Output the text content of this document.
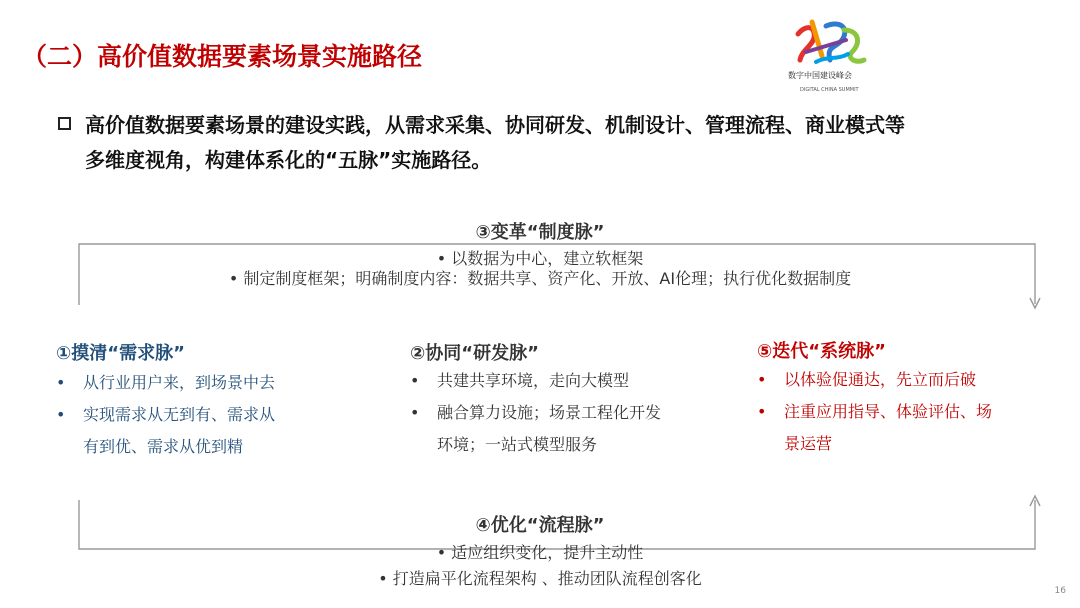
（二）高价值数据要素场景实施路径
数字中国建设峰会
DIGITAL CHINA SUMMIT
高价值数据要素场景的建设实践，从需求采集、协同研发、机制设计、管理流程、商业模式等
多维度视角，构建体系化的“五脉”实施路径。
③变革“制度脉”
• 以数据为中心，建立软框架
• 制定制度框架；明确制度内容：数据共享、资产化、开放、AI伦理；执行优化数据制度
①摸清“需求脉”
•	从行业用户来，到场景中去
•	实现需求从无到有、需求从
有到优、需求从优到精
②协同“研发脉”
•	共建共享环境，走向大模型
•	融合算力设施；场景工程化开发
环境；一站式模型服务
⑤迭代“系统脉”
•	以体验促通达，先立而后破
•	注重应用指导、体验评估、场
景运营
④优化“流程脉”
• 适应组织变化，提升主动性
• 打造扁平化流程架构 、推动团队流程创客化
16
